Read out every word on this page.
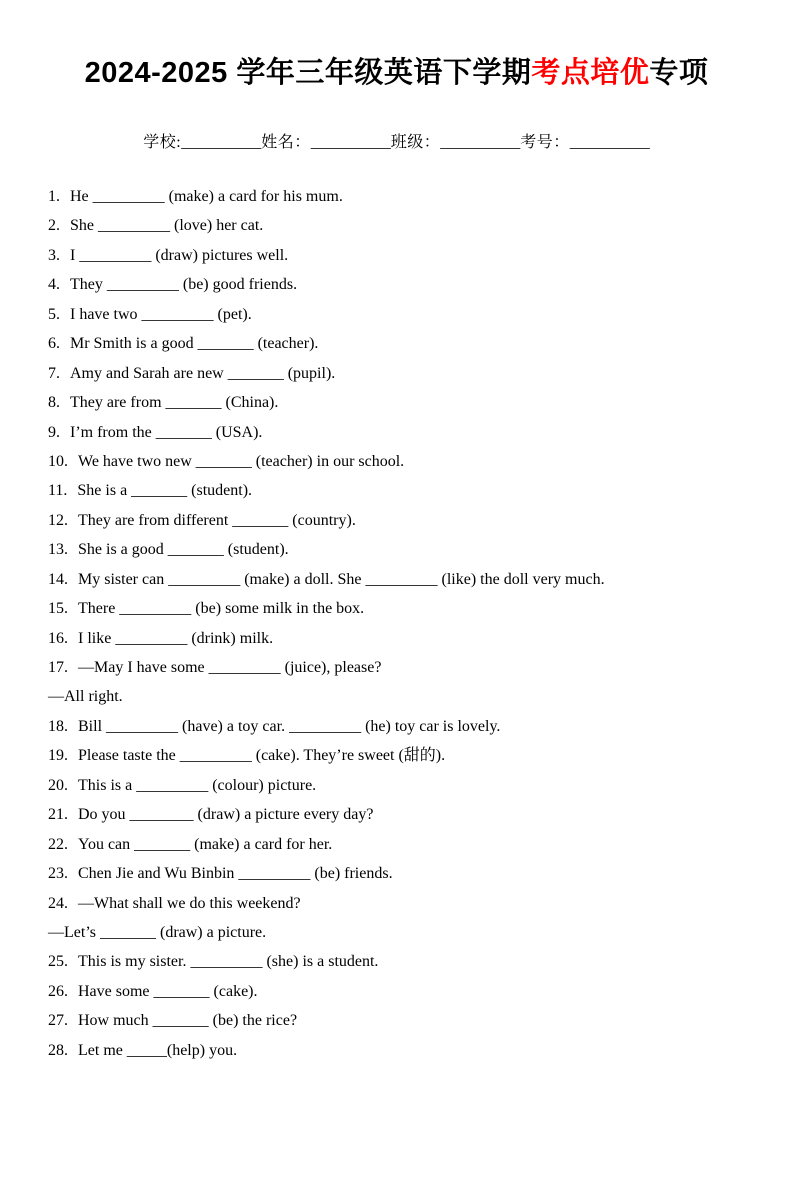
2024-2025 学年三年级英语下学期考点培优专项
学校:__________姓名：__________班级：__________考号：__________
1. He _________ (make) a card for his mum.
2. She _________ (love) her cat.
3. I _________ (draw) pictures well.
4. They _________ (be) good friends.
5. I have two _________ (pet).
6. Mr Smith is a good _______ (teacher).
7. Amy and Sarah are new _______ (pupil).
8. They are from _______ (China).
9. I’m from the _______ (USA).
10. We have two new _______ (teacher) in our school.
11. She is a _______ (student).
12. They are from different _______ (country).
13. She is a good _______ (student).
14. My sister can _________ (make) a doll. She _________ (like) the doll very much.
15. There _________ (be) some milk in the box.
16. I like _________ (drink) milk.
17. —May I have some _________ (juice), please?
—All right.
18. Bill _________ (have) a toy car. _________ (he) toy car is lovely.
19. Please taste the _________ (cake). They’re sweet (甜的).
20. This is a _________ (colour) picture.
21. Do you ________ (draw) a picture every day?
22. You can _______ (make) a card for her.
23. Chen Jie and Wu Binbin _________ (be) friends.
24. —What shall we do this weekend?
—Let’s _______ (draw) a picture.
25. This is my sister. _________ (she) is a student.
26. Have some _______ (cake).
27. How much _______ (be) the rice?
28. Let me _____(help) you.
